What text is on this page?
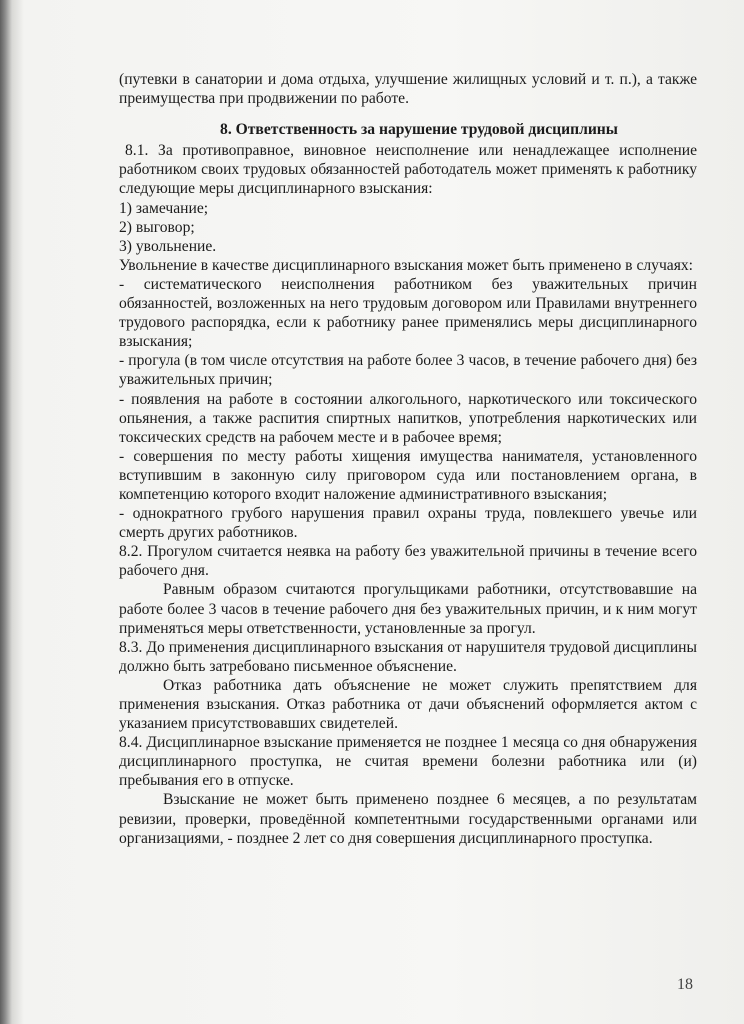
(путевки в санатории и дома отдыха, улучшение жилищных условий и т. п.), а также преимущества при продвижении по работе.

8. Ответственность за нарушение трудовой дисциплины

8.1. За противоправное, виновное неисполнение или ненадлежащее исполнение работником своих трудовых обязанностей работодатель может применять к работнику следующие меры дисциплинарного взыскания:

1) замечание;

2) выговор;

3) увольнение.

Увольнение в качестве дисциплинарного взыскания может быть применено в случаях:

- систематического неисполнения работником без уважительных причин обязанностей, возложенных на него трудовым договором или Правилами внутреннего трудового распорядка, если к работнику ранее применялись меры дисциплинарного взыскания;

- прогула (в том числе отсутствия на работе более 3 часов, в течение рабочего дня) без уважительных причин;

- появления на работе в состоянии алкогольного, наркотического или токсического опьянения, а также распития спиртных напитков, употребления наркотических или токсических средств на рабочем месте и в рабочее время;

- совершения по месту работы хищения имущества нанимателя, установленного вступившим в законную силу приговором суда или постановлением органа, в компетенцию которого входит наложение административного взыскания;

- однократного грубого нарушения правил охраны труда, повлекшего увечье или смерть других работников.

8.2. Прогулом считается неявка на работу без уважительной причины в течение всего рабочего дня.

Равным образом считаются прогульщиками работники, отсутствовавшие на работе более 3 часов в течение рабочего дня без уважительных причин, и к ним могут применяться меры ответственности, установленные за прогул.

8.3. До применения дисциплинарного взыскания от нарушителя трудовой дисциплины должно быть затребовано письменное объяснение.

Отказ работника дать объяснение не может служить препятствием для применения взыскания. Отказ работника от дачи объяснений оформляется актом с указанием присутствовавших свидетелей.

8.4. Дисциплинарное взыскание применяется не позднее 1 месяца со дня обнаружения дисциплинарного проступка, не считая времени болезни работника или (и) пребывания его в отпуске.

Взыскание не может быть применено позднее 6 месяцев, а по результатам ревизии, проверки, проведённой компетентными государственными органами или организациями, - позднее 2 лет со дня совершения дисциплинарного проступка.

18
